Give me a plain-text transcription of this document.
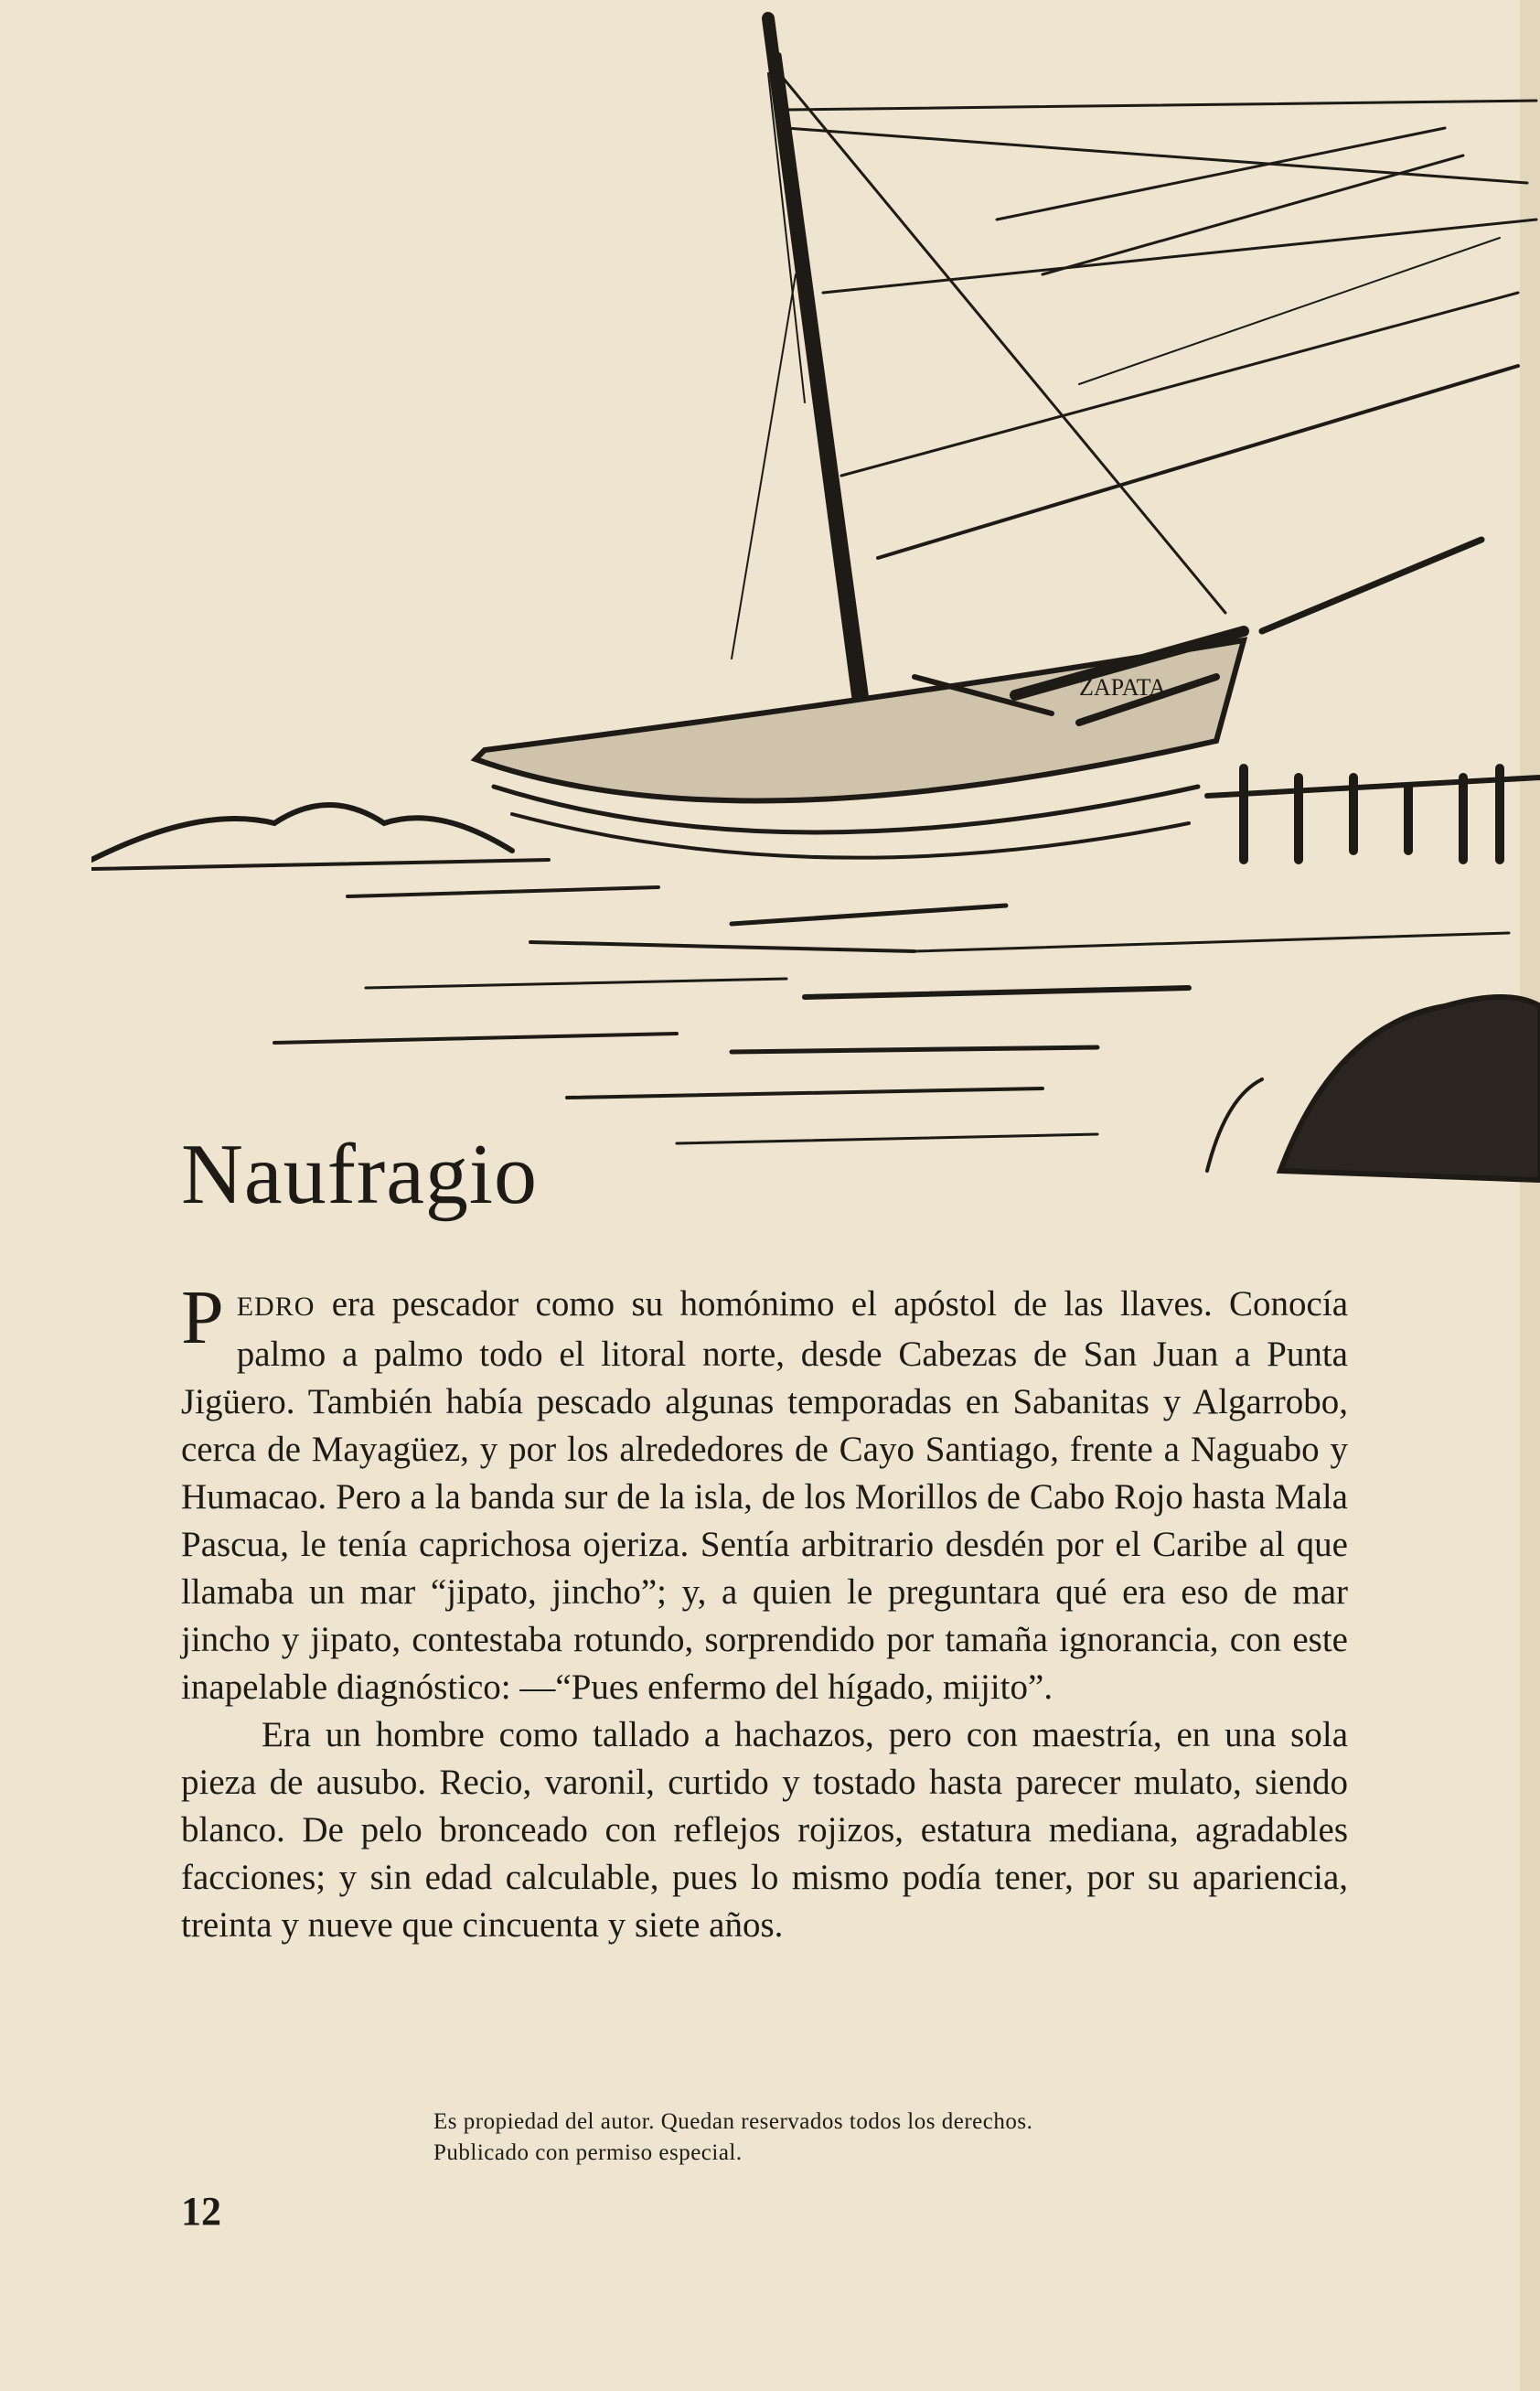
ZAPATA
Naufragio

PEDRO era pescador como su homónimo el apóstol de las llaves. Conocía palmo a palmo todo el litoral norte, desde Cabezas de San Juan a Punta Jigüero. También había pescado algunas temporadas en Sabanitas y Algarrobo, cerca de Mayagüez, y por los alrededores de Cayo Santiago, frente a Naguabo y Humacao. Pero a la banda sur de la isla, de los Morillos de Cabo Rojo hasta Mala Pascua, le tenía caprichosa ojeriza. Sentía arbitrario desdén por el Caribe al que llamaba un mar “jipato, jincho”; y, a quien le preguntara qué era eso de mar jincho y jipato, contestaba rotundo, sorprendido por tamaña ignorancia, con este inapelable diagnóstico: —“Pues enfermo del hígado, mijito”.

Era un hombre como tallado a hachazos, pero con maestría, en una sola pieza de ausubo. Recio, varonil, curtido y tostado hasta parecer mulato, siendo blanco. De pelo bronceado con reflejos rojizos, estatura mediana, agradables facciones; y sin edad calculable, pues lo mismo podía tener, por su apariencia, treinta y nueve que cincuenta y siete años.

Es propiedad del autor. Quedan reservados todos los derechos. Publicado con permiso especial.
12
